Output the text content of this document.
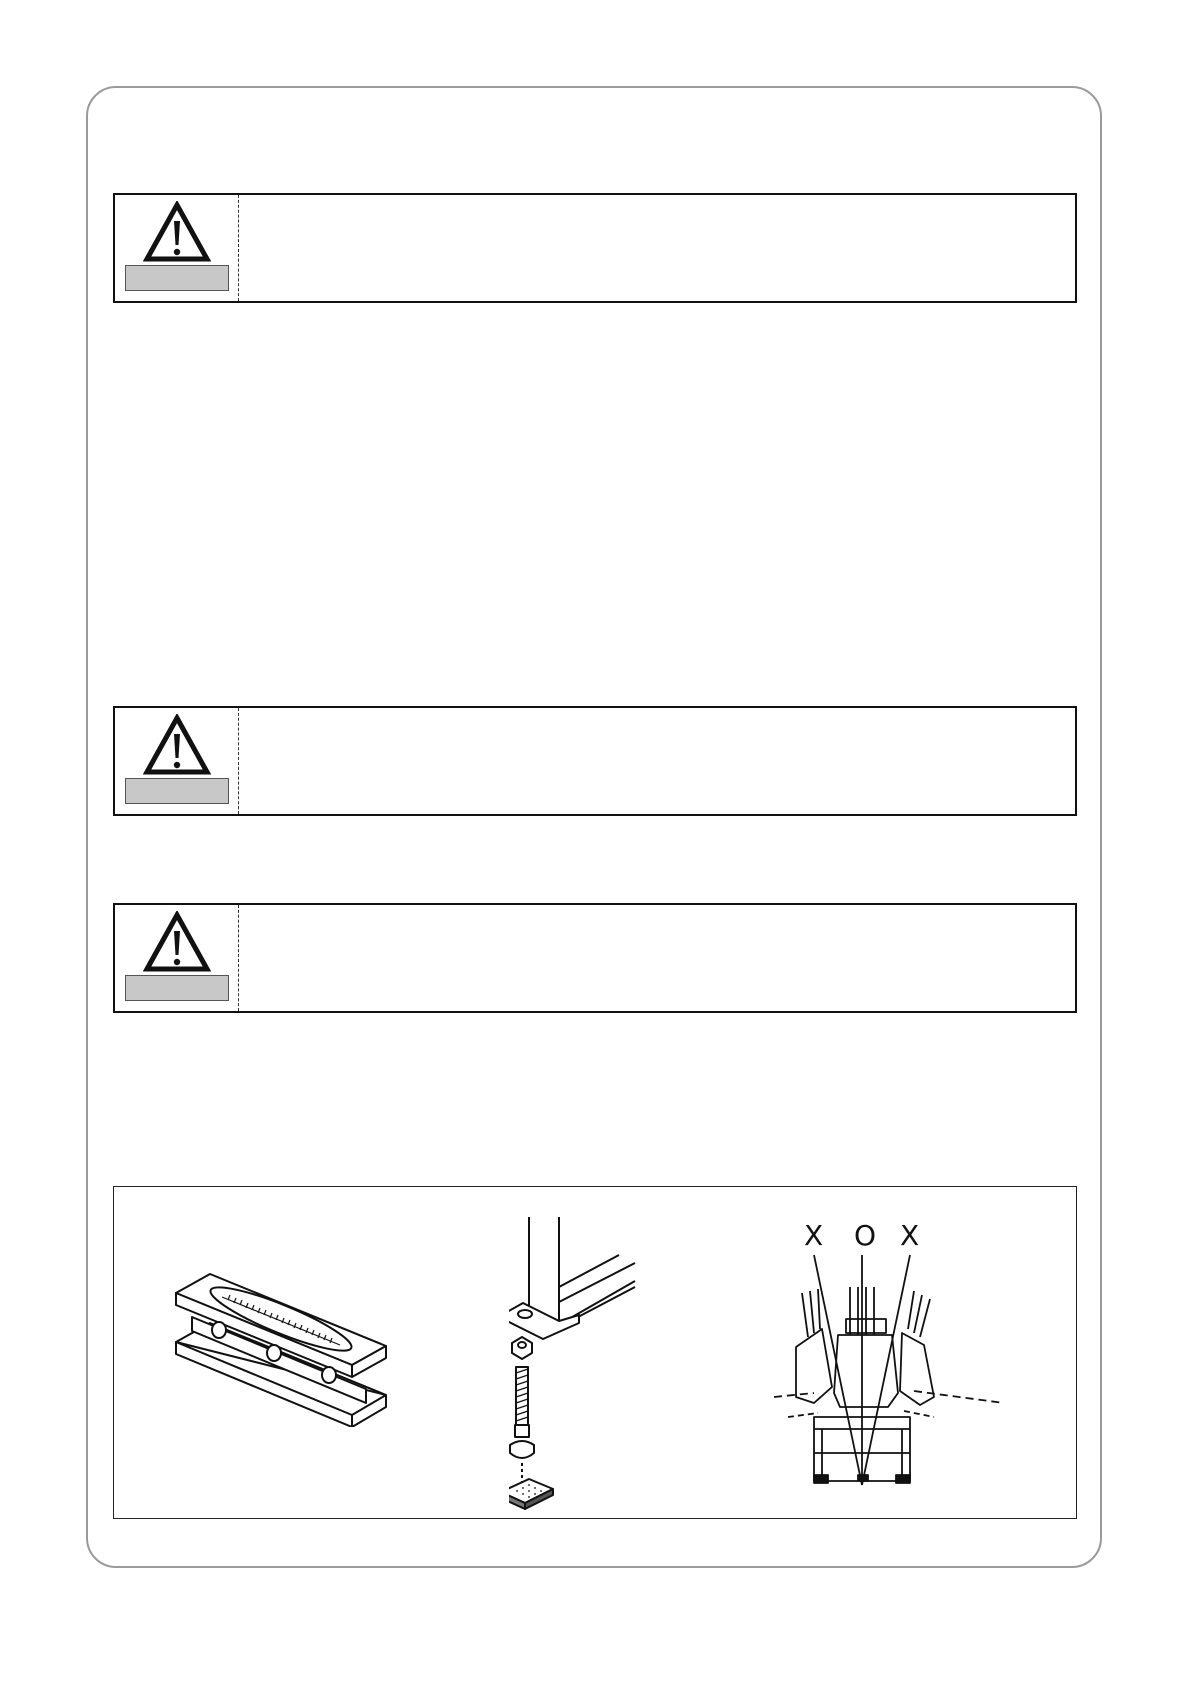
X O X
